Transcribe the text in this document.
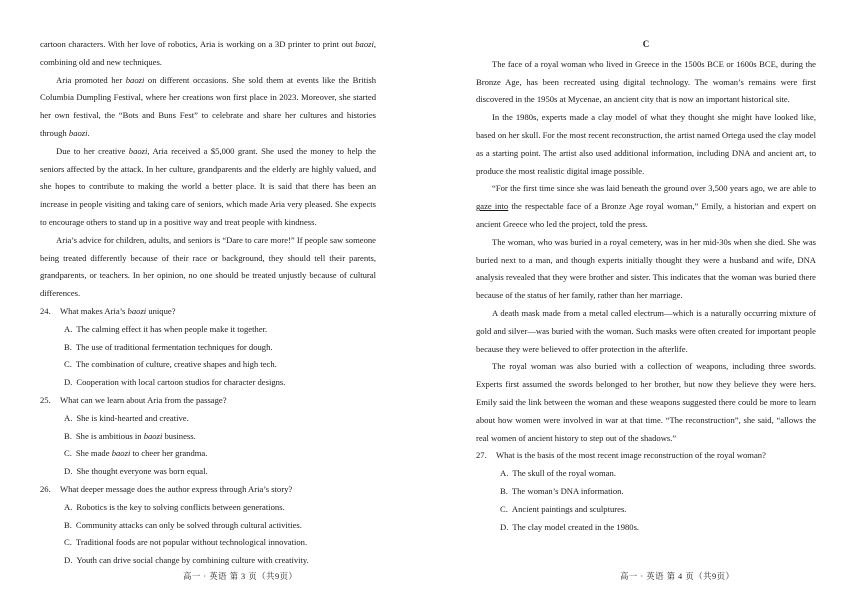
cartoon characters. With her love of robotics, Aria is working on a 3D printer to print out baozi, combining old and new techniques.

Aria promoted her baozi on different occasions. She sold them at events like the British Columbia Dumpling Festival, where her creations won first place in 2023. Moreover, she started her own festival, the “Bots and Buns Fest” to celebrate and share her cultures and histories through baozi.

Due to her creative baozi, Aria received a $5,000 grant. She used the money to help the seniors affected by the attack. In her culture, grandparents and the elderly are highly valued, and she hopes to contribute to making the world a better place. It is said that there has been an increase in people visiting and taking care of seniors, which made Aria very pleased. She expects to encourage others to stand up in a positive way and treat people with kindness.

Aria’s advice for children, adults, and seniors is “Dare to care more!” If people saw someone being treated differently because of their race or background, they should tell their parents, grandparents, or teachers. In her opinion, no one should be treated unjustly because of cultural differences.

24.	What makes Aria’s baozi unique?

A. The calming effect it has when people make it together.

B. The use of traditional fermentation techniques for dough.

C. The combination of culture, creative shapes and high tech.

D. Cooperation with local cartoon studios for character designs.

25.	What can we learn about Aria from the passage?

A. She is kind-hearted and creative.

B. She is ambitious in baozi business.

C. She made baozi to cheer her grandma.

D. She thought everyone was born equal.

26.	What deeper message does the author express through Aria’s story?

A. Robotics is the key to solving conflicts between generations.

B. Community attacks can only be solved through cultural activities.

C. Traditional foods are not popular without technological innovation.

D. Youth can drive social change by combining culture with creativity.

C

The face of a royal woman who lived in Greece in the 1500s BCE or 1600s BCE, during the Bronze Age, has been recreated using digital technology. The woman’s remains were first discovered in the 1950s at Mycenae, an ancient city that is now an important historical site.

In the 1980s, experts made a clay model of what they thought she might have looked like, based on her skull. For the most recent reconstruction, the artist named Ortega used the clay model as a starting point. The artist also used additional information, including DNA and ancient art, to produce the most realistic digital image possible.

“For the first time since she was laid beneath the ground over 3,500 years ago, we are able to gaze into the respectable face of a Bronze Age royal woman,” Emily, a historian and expert on ancient Greece who led the project, told the press.

The woman, who was buried in a royal cemetery, was in her mid-30s when she died. She was buried next to a man, and though experts initially thought they were a husband and wife, DNA analysis revealed that they were brother and sister. This indicates that the woman was buried there because of the status of her family, rather than her marriage.

A death mask made from a metal called electrum—which is a naturally occurring mixture of gold and silver—was buried with the woman. Such masks were often created for important people because they were believed to offer protection in the afterlife.

The royal woman was also buried with a collection of weapons, including three swords. Experts first assumed the swords belonged to her brother, but now they believe they were hers. Emily said the link between the woman and these weapons suggested there could be more to learn about how women were involved in war at that time. “The reconstruction”, she said, “allows the real women of ancient history to step out of the shadows.”

27.	What is the basis of the most recent image reconstruction of the royal woman?

A. The skull of the royal woman.

B. The woman’s DNA information.

C. Ancient paintings and sculptures.

D. The clay model created in the 1980s.

高一 · 英语 第 3 页（共9页）	高一 · 英语 第 4 页（共9页）
